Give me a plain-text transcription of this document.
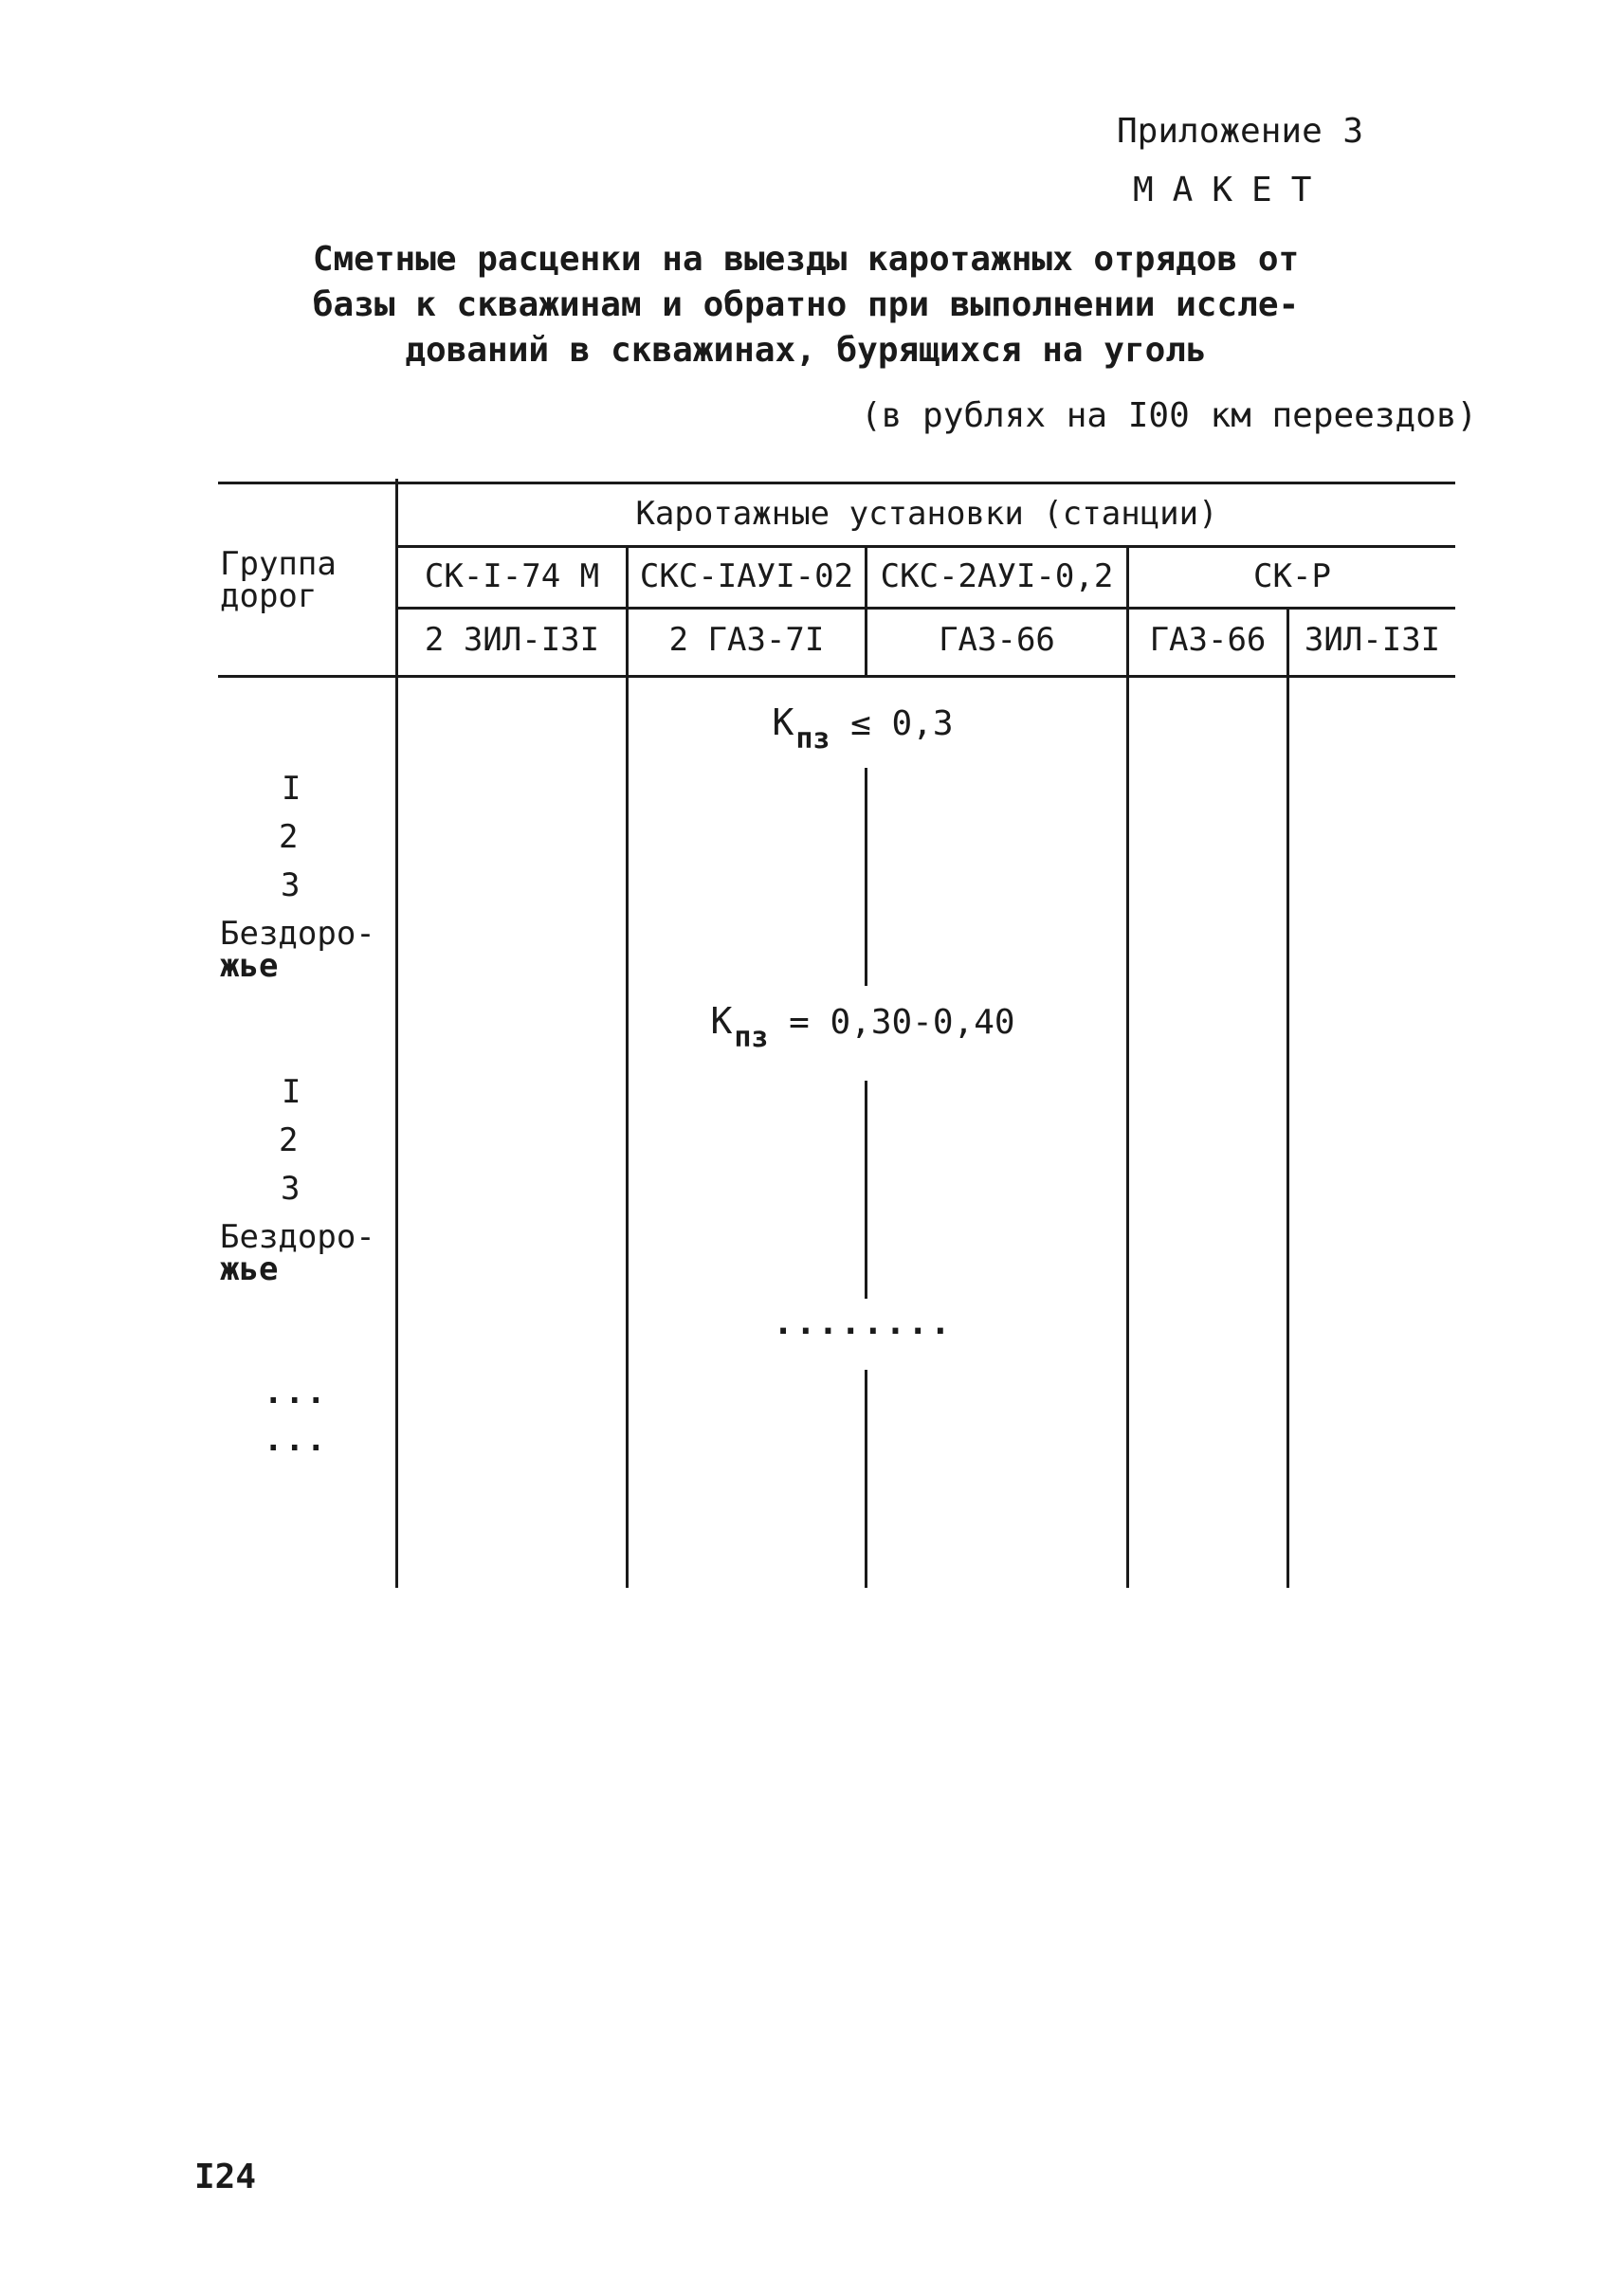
Приложение 3
МАКЕТ
Сметные расценки на выезды каротажных отрядов от
базы к скважинам и обратно при выполнении иссле-
дований в скважинах, бурящихся на уголь
(в рублях на I00 км переездов)
Группа
дорог
Каротажные установки (станции)
СК-I-74 М	СКС-IАУI-02 СКС-2АУI-0,2	СК-Р
2 ЗИЛ-I3I	2 ГАЗ-7I	ГАЗ-66	ГАЗ-66	ЗИЛ-I3I
$К_{пз} \le 0,3$
I
2
3
Бездоро-
жье
$К_{пз} = 0,30-0,40$
I
2
3
Бездоро-
жье
........
...
...
I24
